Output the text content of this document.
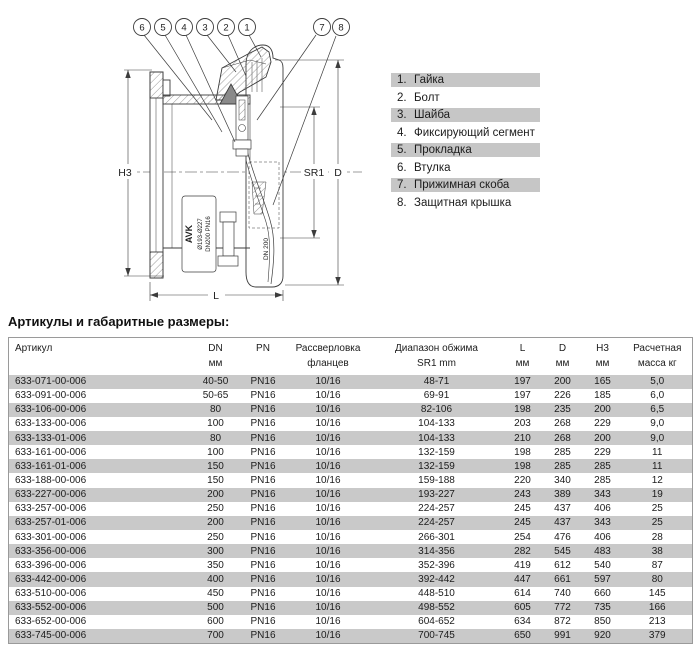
6 5 4 3 2 1	7 8
H3	SR1 D
L
AVK Ø193-Ø227 DN200 PN16	DN 200
1. Гайка
2. Болт
3. Шайба
4. Фиксирующий сегмент
5. Прокладка
6. Втулка
7. Прижимная скоба
8. Защитная крышка
Артикулы и габаритные размеры:
Артикул	DN
мм

PN	Рассверловка
фланцев

Диапазон обжима
SR1 mm

L
мм

D
мм

H3
мм

Расчетная
масса кг

633-071-00-006	40-50	PN16	10/16	48-71	197	200	165	5,0
633-091-00-006	50-65	PN16	10/16	69-91	197	226	185	6,0
633-106-00-006	80	PN16	10/16	82-106	198	235	200	6,5
633-133-00-006	100	PN16	10/16	104-133	203	268	229	9,0
633-133-01-006	80	PN16	10/16	104-133	210	268	200	9,0
633-161-00-006	100	PN16	10/16	132-159	198	285	229	11
633-161-01-006	150	PN16	10/16	132-159	198	285	285	11
633-188-00-006	150	PN16	10/16	159-188	220	340	285	12
633-227-00-006	200	PN16	10/16	193-227	243	389	343	19
633-257-00-006	250	PN16	10/16	224-257	245	437	406	25
633-257-01-006	200	PN16	10/16	224-257	245	437	343	25
633-301-00-006	250	PN16	10/16	266-301	254	476	406	28
633-356-00-006	300	PN16	10/16	314-356	282	545	483	38
633-396-00-006	350	PN16	10/16	352-396	419	612	540	87
633-442-00-006	400	PN16	10/16	392-442	447	661	597	80
633-510-00-006	450	PN16	10/16	448-510	614	740	660	145
633-552-00-006	500	PN16	10/16	498-552	605	772	735	166
633-652-00-006	600	PN16	10/16	604-652	634	872	850	213
633-745-00-006	700	PN16	10/16	700-745	650	991	920	379
